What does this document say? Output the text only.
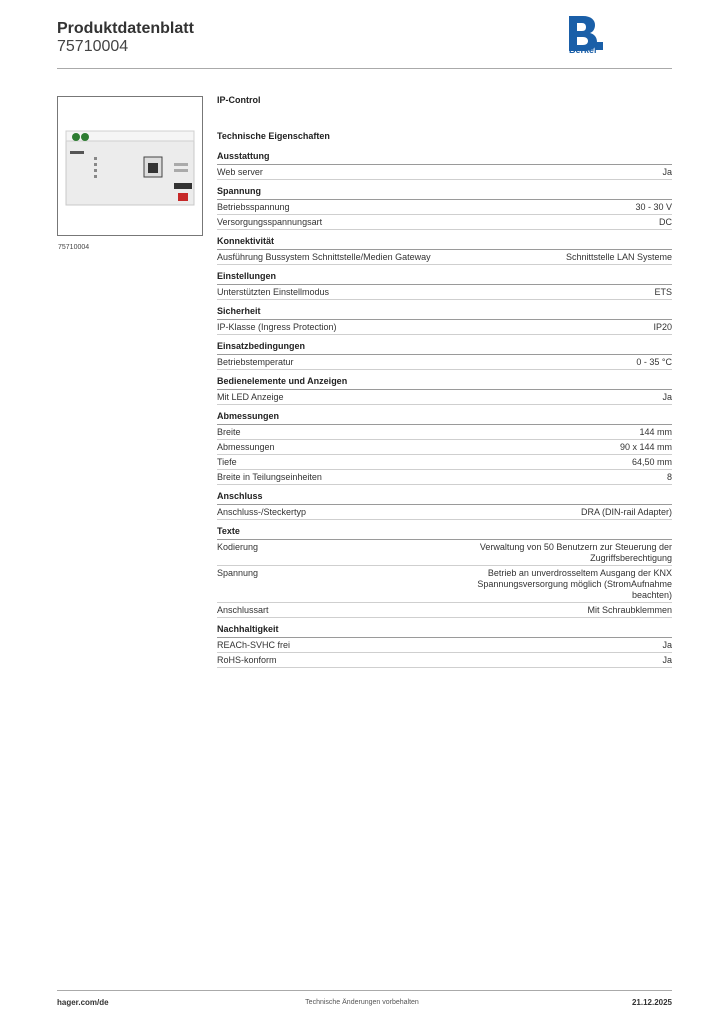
Produktdatenblatt
75710004	Berker
75710004
IP-Control
Technische Eigenschaften
Ausstattung
Web server	Ja
Spannung
Betriebsspannung	30 - 30 V
Versorgungsspannungsart	DC
Konnektivität
Ausführung Bussystem Schnittstelle/Medien Gateway	Schnittstelle LAN Systeme
Einstellungen
Unterstützten Einstellmodus	ETS
Sicherheit
IP-Klasse (Ingress Protection)	IP20
Einsatzbedingungen
Betriebstemperatur	0 - 35 °C
Bedienelemente und Anzeigen
Mit LED Anzeige	Ja
Abmessungen
Breite	144 mm
Abmessungen	90 x 144 mm
Tiefe	64,50 mm
Breite in Teilungseinheiten	8
Anschluss
Anschluss-/Steckertyp	DRA (DIN-rail Adapter)
Texte
Kodierung	Verwaltung von 50 Benutzern zur Steuerung der Zugriffsberechtigung
Spannung	Betrieb an unverdrosseltem Ausgang der KNX Spannungsversorgung möglich (StromAufnahme beachten)
Anschlussart	Mit Schraubklemmen
Nachhaltigkeit
REACh-SVHC frei	Ja
RoHS-konform	Ja
hager.com/de	Technische Änderungen vorbehalten	21.12.2025
